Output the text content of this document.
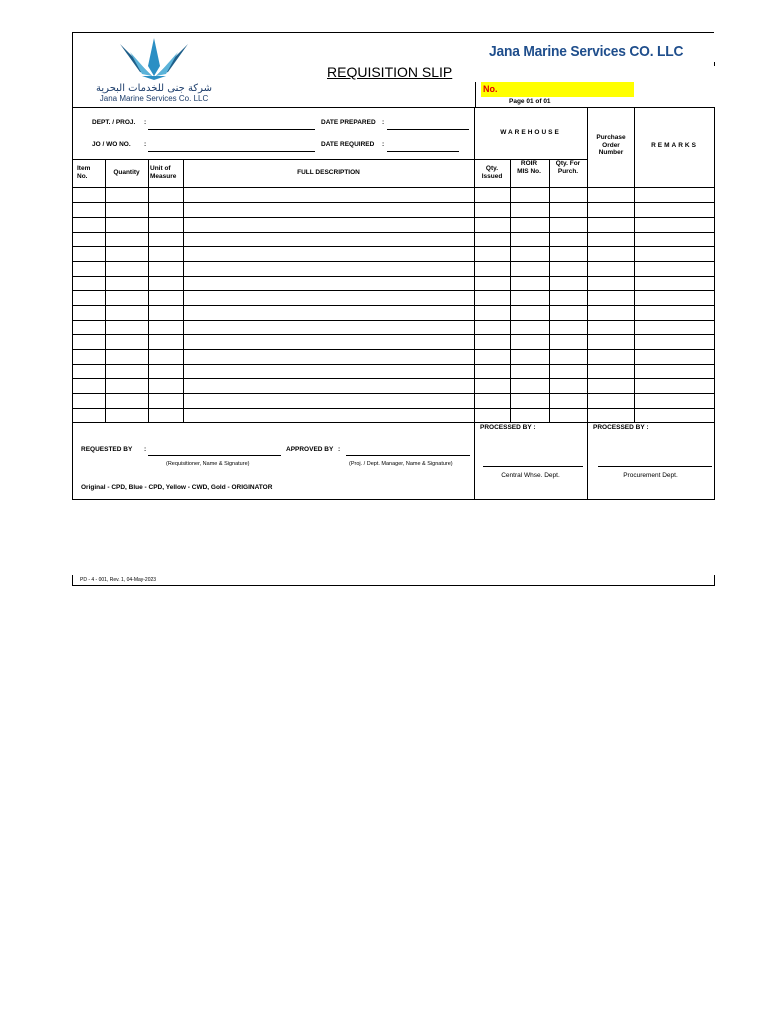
شركة جنى للخدمات البحرية
Jana Marine Services Co. LLC
REQUISITION SLIP
Jana Marine Services CO. LLC
No.
Page 01 of 01
DEPT. / PROJ. :
JO / WO NO. :
DATE PREPARED :
DATE REQUIRED :
WAREHOUSE
Purchase Order Number
REMARKS
Item No.	Quantity
Unit of Measure	FULL DESCRIPTION
Qty. Issued
ROIR MIS No.
Qty. For Purch.
REQUESTED BY :
(Requisitioner, Name & Signature)
APPROVED BY :
(Proj. / Dept. Manager, Name & Signature)
Original - CPD, Blue - CPD, Yellow - CWD, Gold - ORIGINATOR
PROCESSED BY :
Central Whse. Dept.
PROCESSED BY :
Procurement Dept.
PD - 4 - 001, Rev. 1, 04-May-2023
